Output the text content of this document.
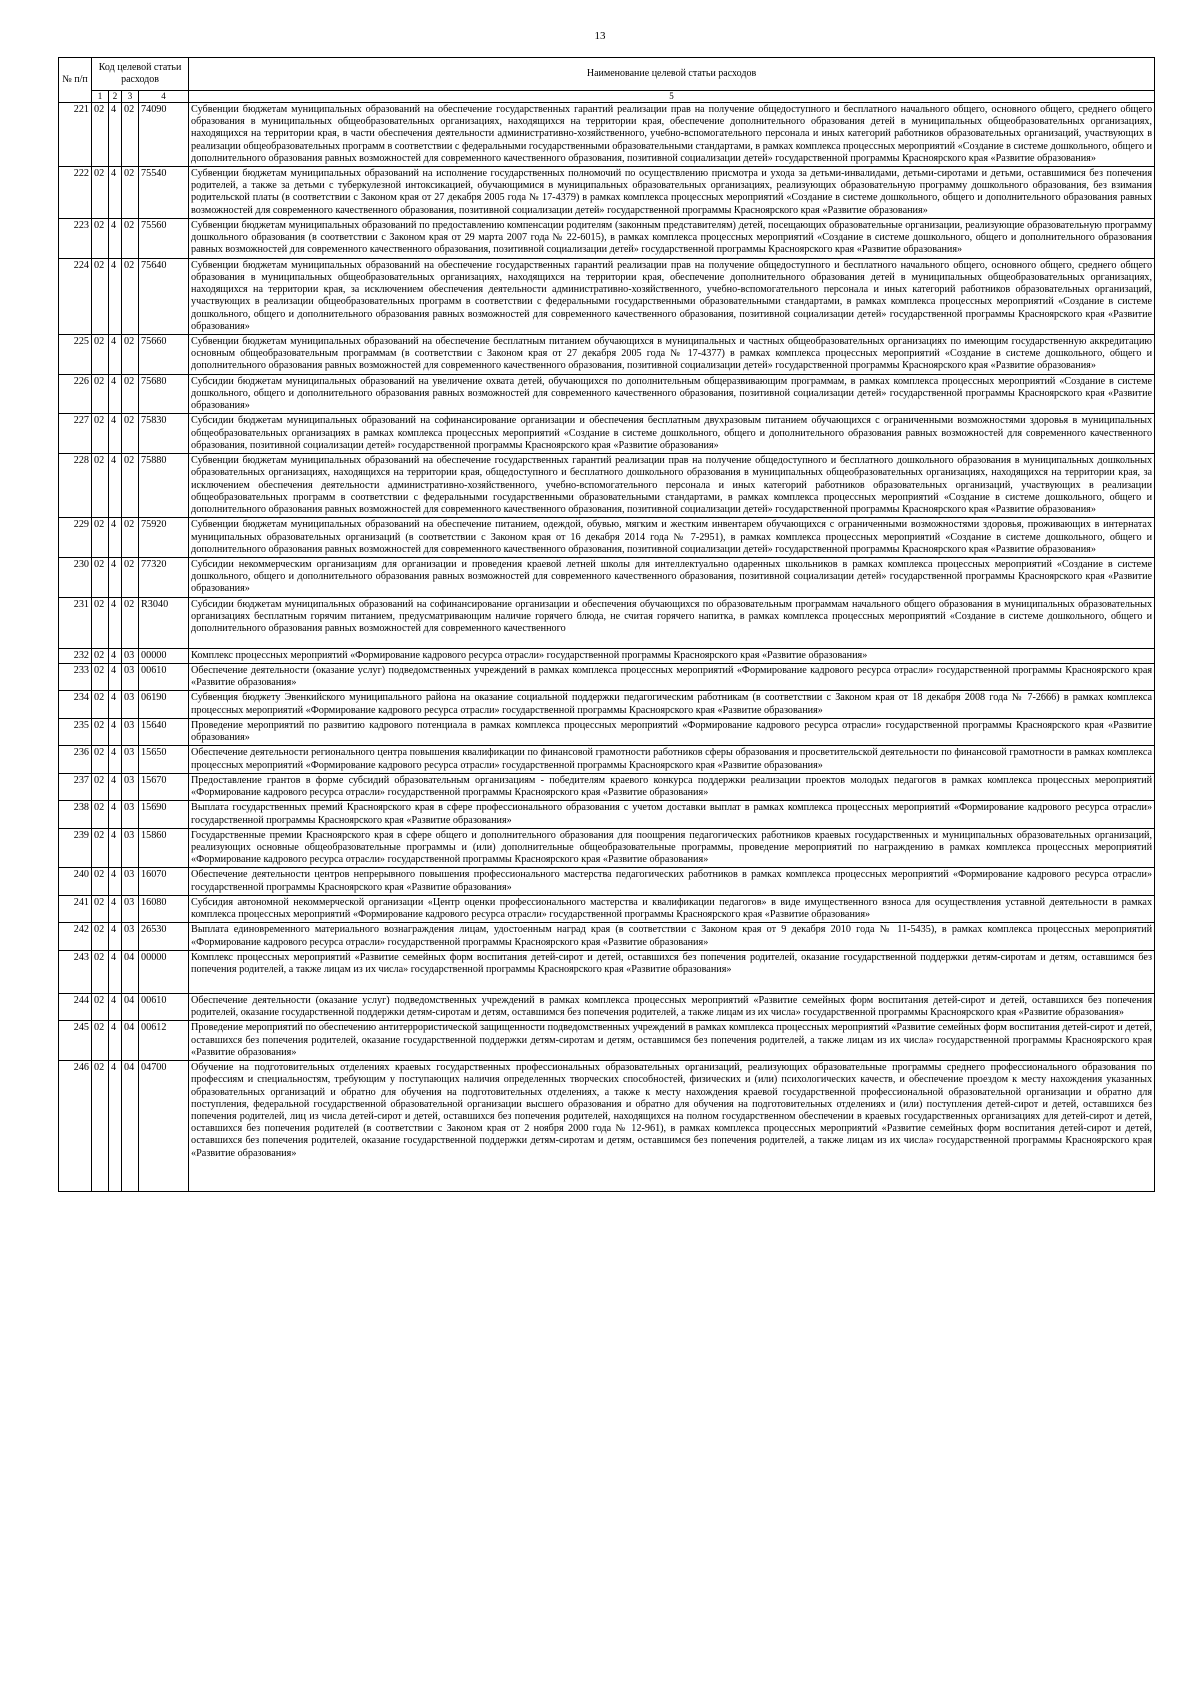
13
№ п/п	Код целевой статьи расходов				Наименование целевой статьи расходов
	1	2	3	4	5

221	02	4	02	74090	Субвенции бюджетам муниципальных образований на обеспечение государственных гарантий реализации прав на получение общедоступного и бесплатного начального общего, основного общего, среднего общего образования в муниципальных общеобразовательных организациях, находящихся на территории края, обеспечение дополнительного образования детей в муниципальных общеобразовательных организациях, находящихся на территории края, в части обеспечения деятельности административно-хозяйственного, учебно-вспомогательного персонала и иных категорий работников образовательных организаций, участвующих в реализации общеобразовательных программ в соответствии с федеральными государственными образовательными стандартами, в рамках комплекса процессных мероприятий «Создание в системе дошкольного, общего и дополнительного образования равных возможностей для современного качественного образования, позитивной социализации детей» государственной программы Красноярского края «Развитие образования»

222	02	4	02	75540	Субвенции бюджетам муниципальных образований на исполнение государственных полномочий по осуществлению присмотра и ухода за детьми-инвалидами, детьми-сиротами и детьми, оставшимися без попечения родителей, а также за детьми с туберкулезной интоксикацией, обучающимися в муниципальных образовательных организациях, реализующих образовательную программу дошкольного образования, без взимания родительской платы (в соответствии с Законом края от 27 декабря 2005 года № 17-4379) в рамках комплекса процессных мероприятий «Создание в системе дошкольного, общего и дополнительного образования равных возможностей для современного качественного образования, позитивной социализации детей» государственной программы Красноярского края «Развитие образования»

223	02	4	02	75560	Субвенции бюджетам муниципальных образований по предоставлению компенсации родителям (законным представителям) детей, посещающих образовательные организации, реализующие образовательную программу дошкольного образования (в соответствии с Законом края от 29 марта 2007 года № 22-6015), в рамках комплекса процессных мероприятий «Создание в системе дошкольного, общего и дополнительного образования равных возможностей для современного качественного образования, позитивной социализации детей» государственной программы Красноярского края «Развитие образования»

224	02	4	02	75640	Субвенции бюджетам муниципальных образований на обеспечение государственных гарантий реализации прав на получение общедоступного и бесплатного начального общего, основного общего, среднего общего образования в муниципальных общеобразовательных организациях, находящихся на территории края, обеспечение дополнительного образования детей в муниципальных общеобразовательных организациях, находящихся на территории края, за исключением обеспечения деятельности административно-хозяйственного, учебно-вспомогательного персонала и иных категорий работников образовательных организаций, участвующих в реализации общеобразовательных программ в соответствии с федеральными государственными образовательными стандартами, в рамках комплекса процессных мероприятий «Создание в системе дошкольного, общего и дополнительного образования равных возможностей для современного качественного образования, позитивной социализации детей» государственной программы Красноярского края «Развитие образования»

225	02	4	02	75660	Субвенции бюджетам муниципальных образований на обеспечение бесплатным питанием обучающихся в муниципальных и частных общеобразовательных организациях по имеющим государственную аккредитацию основным общеобразовательным программам (в соответствии с Законом края от 27 декабря 2005 года № 17-4377) в рамках комплекса процессных мероприятий «Создание в системе дошкольного, общего и дополнительного образования равных возможностей для современного качественного образования, позитивной социализации детей» государственной программы Красноярского края «Развитие образования»

226	02	4	02	75680	Субсидии бюджетам муниципальных образований на увеличение охвата детей, обучающихся по дополнительным общеразвивающим программам, в рамках комплекса процессных мероприятий «Создание в системе дошкольного, общего и дополнительного образования равных возможностей для современного качественного образования, позитивной социализации детей» государственной программы Красноярского края «Развитие образования»

227	02	4	02	75830	Субсидии бюджетам муниципальных образований на софинансирование организации и обеспечения бесплатным двухразовым питанием обучающихся с ограниченными возможностями здоровья в муниципальных общеобразовательных организациях в рамках комплекса процессных мероприятий «Создание в системе дошкольного, общего и дополнительного образования равных возможностей для современного качественного образования, позитивной социализации детей» государственной программы Красноярского края «Развитие образования»

228	02	4	02	75880	Субвенции бюджетам муниципальных образований на обеспечение государственных гарантий реализации прав на получение общедоступного и бесплатного дошкольного образования в муниципальных дошкольных образовательных организациях, находящихся на территории края, общедоступного и бесплатного дошкольного образования в муниципальных общеобразовательных организациях, находящихся на территории края, за исключением обеспечения деятельности административно-хозяйственного, учебно-вспомогательного персонала и иных категорий работников образовательных организаций, участвующих в реализации общеобразовательных программ в соответствии с федеральными государственными образовательными стандартами, в рамках комплекса процессных мероприятий «Создание в системе дошкольного, общего и дополнительного образования равных возможностей для современного качественного образования, позитивной социализации детей» государственной программы Красноярского края «Развитие образования»

229	02	4	02	75920	Субвенции бюджетам муниципальных образований на обеспечение питанием, одеждой, обувью, мягким и жестким инвентарем обучающихся с ограниченными возможностями здоровья, проживающих в интернатах муниципальных образовательных организаций (в соответствии с Законом края от 16 декабря 2014 года № 7-2951), в рамках комплекса процессных мероприятий «Создание в системе дошкольного, общего и дополнительного образования равных возможностей для современного качественного образования, позитивной социализации детей» государственной программы Красноярского края «Развитие образования»

230	02	4	02	77320	Субсидии некоммерческим организациям для организации и проведения краевой летней школы для интеллектуально одаренных школьников в рамках комплекса процессных мероприятий «Создание в системе дошкольного, общего и дополнительного образования равных возможностей для современного качественного образования, позитивной социализации детей» государственной программы Красноярского края «Развитие образования»

231	02	4	02	R3040	Субсидии бюджетам муниципальных образований на софинансирование организации и обеспечения обучающихся по образовательным программам начального общего образования в муниципальных образовательных организациях бесплатным горячим питанием, предусматривающим наличие горячего блюда, не считая горячего напитка, в рамках комплекса процессных мероприятий «Создание в системе дошкольного, общего и дополнительного образования равных возможностей для современного качественного

232	02	4	03	00000	Комплекс процессных мероприятий «Формирование кадрового ресурса отрасли» государственной программы Красноярского края «Развитие образования»

233	02	4	03	00610	Обеспечение деятельности (оказание услуг) подведомственных учреждений в рамках комплекса процессных мероприятий «Формирование кадрового ресурса отрасли» государственной программы Красноярского края «Развитие образования»

234	02	4	03	06190	Субвенция бюджету Эвенкийского муниципального района на оказание социальной поддержки педагогическим работникам (в соответствии с Законом края от 18 декабря 2008 года № 7-2666) в рамках комплекса процессных мероприятий «Формирование кадрового ресурса отрасли» государственной программы Красноярского края «Развитие образования»

235	02	4	03	15640	Проведение мероприятий по развитию кадрового потенциала в рамках комплекса процессных мероприятий «Формирование кадрового ресурса отрасли» государственной программы Красноярского края «Развитие образования»

236	02	4	03	15650	Обеспечение деятельности регионального центра повышения квалификации по финансовой грамотности работников сферы образования и просветительской деятельности по финансовой грамотности в рамках комплекса процессных мероприятий «Формирование кадрового ресурса отрасли» государственной программы Красноярского края «Развитие образования»

237	02	4	03	15670	Предоставление грантов в форме субсидий образовательным организациям - победителям краевого конкурса поддержки реализации проектов молодых педагогов в рамках комплекса процессных мероприятий «Формирование кадрового ресурса отрасли» государственной программы Красноярского края «Развитие образования»

238	02	4	03	15690	Выплата государственных премий Красноярского края в сфере профессионального образования с учетом доставки выплат в рамках комплекса процессных мероприятий «Формирование кадрового ресурса отрасли» государственной программы Красноярского края «Развитие образования»

239	02	4	03	15860	Государственные премии Красноярского края в сфере общего и дополнительного образования для поощрения педагогических работников краевых государственных и муниципальных образовательных организаций, реализующих основные общеобразовательные программы и (или) дополнительные общеобразовательные программы, проведение мероприятий по награждению в рамках комплекса процессных мероприятий «Формирование кадрового ресурса отрасли» государственной программы Красноярского края «Развитие образования»

240	02	4	03	16070	Обеспечение деятельности центров непрерывного повышения профессионального мастерства педагогических работников в рамках комплекса процессных мероприятий «Формирование кадрового ресурса отрасли» государственной программы Красноярского края «Развитие образования»

241	02	4	03	16080	Субсидия автономной некоммерческой организации «Центр оценки профессионального мастерства и квалификации педагогов» в виде имущественного взноса для осуществления уставной деятельности в рамках комплекса процессных мероприятий «Формирование кадрового ресурса отрасли» государственной программы Красноярского края «Развитие образования»

242	02	4	03	26530	Выплата единовременного материального вознаграждения лицам, удостоенным наград края (в соответствии с Законом края от 9 декабря 2010 года № 11-5435), в рамках комплекса процессных мероприятий «Формирование кадрового ресурса отрасли» государственной программы Красноярского края «Развитие образования»

243	02	4	04	00000	Комплекс процессных мероприятий «Развитие семейных форм воспитания детей-сирот и детей, оставшихся без попечения родителей, оказание государственной поддержки детям-сиротам и детям, оставшимся без попечения родителей, а также лицам из их числа» государственной программы Красноярского края «Развитие образования»

244	02	4	04	00610	Обеспечение деятельности (оказание услуг) подведомственных учреждений в рамках комплекса процессных мероприятий «Развитие семейных форм воспитания детей-сирот и детей, оставшихся без попечения родителей, оказание государственной поддержки детям-сиротам и детям, оставшимся без попечения родителей, а также лицам из их числа» государственной программы Красноярского края «Развитие образования»

245	02	4	04	00612	Проведение мероприятий по обеспечению антитеррористической защищенности подведомственных учреждений в рамках комплекса процессных мероприятий «Развитие семейных форм воспитания детей-сирот и детей, оставшихся без попечения родителей, оказание государственной поддержки детям-сиротам и детям, оставшимся без попечения родителей, а также лицам из их числа» государственной программы Красноярского края «Развитие образования»

246	02	4	04	04700	Обучение на подготовительных отделениях краевых государственных профессиональных образовательных организаций, реализующих образовательные программы среднего профессионального образования по профессиям и специальностям, требующим у поступающих наличия определенных творческих способностей, физических и (или) психологических качеств, и обеспечение проездом к месту нахождения указанных образовательных организаций и обратно для обучения на подготовительных отделениях, а также к месту нахождения краевой государственной профессиональной образовательной организации и обратно для поступления, федеральной государственной образовательной организации высшего образования и обратно для обучения на подготовительных отделениях и (или) поступления детей-сирот и детей, оставшихся без попечения родителей, лиц из числа детей-сирот и детей, оставшихся без попечения родителей, находящихся на полном государственном обеспечении в краевых государственных организациях для детей-сирот и детей, оставшихся без попечения родителей (в соответствии с Законом края от 2 ноября 2000 года № 12-961), в рамках комплекса процессных мероприятий «Развитие семейных форм воспитания детей-сирот и детей, оставшихся без попечения родителей, оказание государственной поддержки детям-сиротам и детям, оставшимся без попечения родителей, а также лицам из их числа» государственной программы Красноярского края «Развитие образования»
